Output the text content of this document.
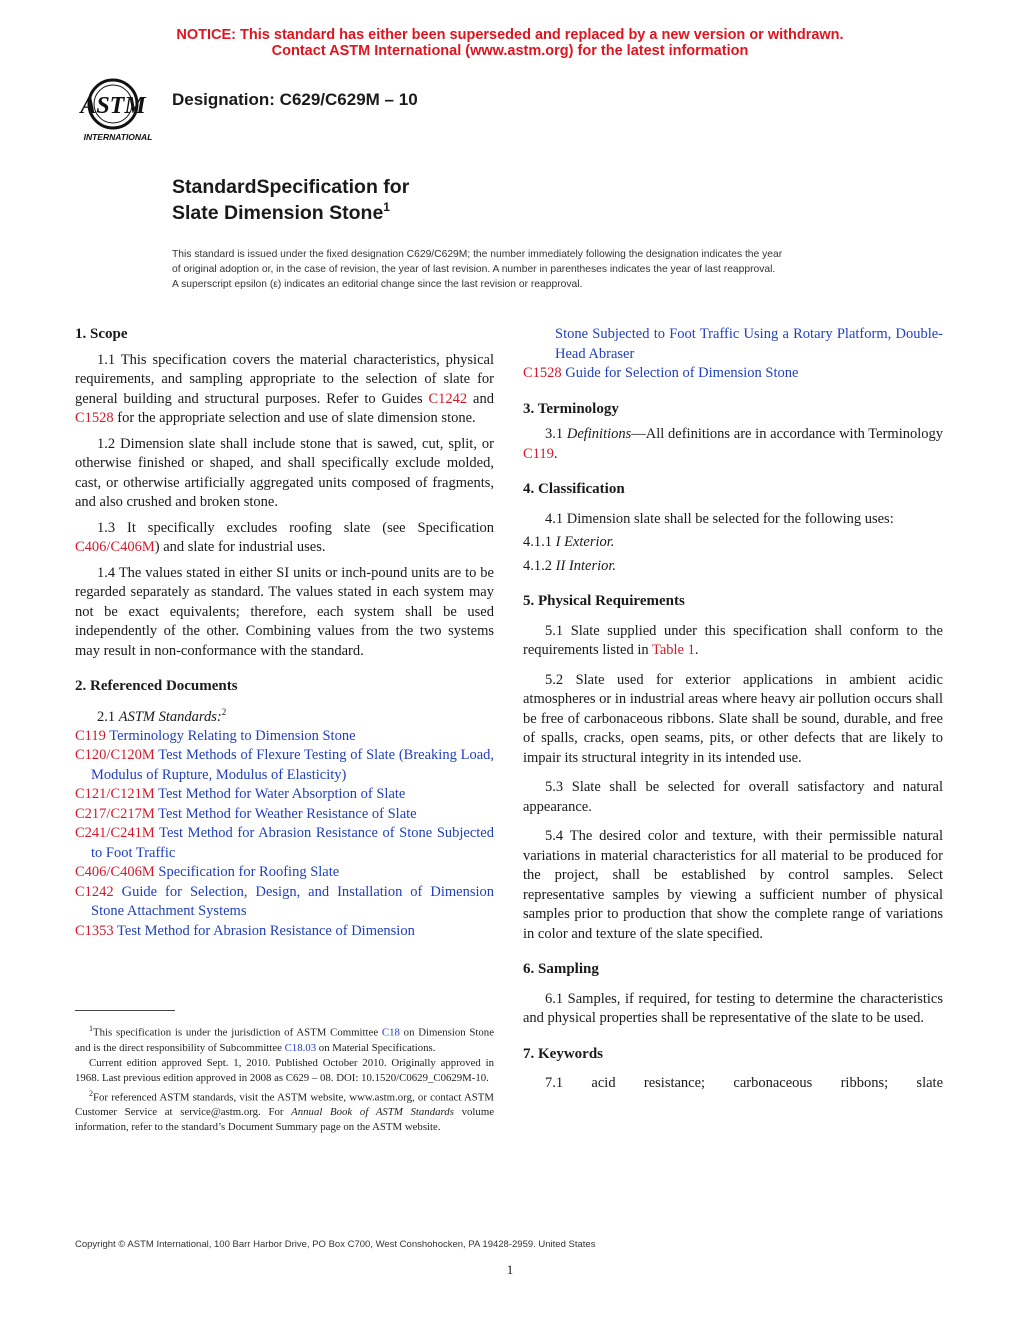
NOTICE: This standard has either been superseded and replaced by a new version or withdrawn.
Contact ASTM International (www.astm.org) for the latest information
ASTM
INTERNATIONAL
Designation: C629/C629M – 10
StandardSpecification for
Slate Dimension Stone$^1$
This standard is issued under the fixed designation C629/C629M; the number immediately following the designation indicates the year
of original adoption or, in the case of revision, the year of last revision. A number in parentheses indicates the year of last reapproval.
A superscript epsilon (ε) indicates an editorial change since the last revision or reapproval.

1. Scope

1.1 This specification covers the material characteristics, physical requirements, and sampling appropriate to the selection of slate for general building and structural purposes. Refer to Guides C1242 and C1528 for the appropriate selection and use of slate dimension stone.

1.2 Dimension slate shall include stone that is sawed, cut, split, or otherwise finished or shaped, and shall specifically exclude molded, cast, or otherwise artificially aggregated units composed of fragments, and also crushed and broken stone.

1.3 It specifically excludes roofing slate (see Specification C406/C406M) and slate for industrial uses.

1.4 The values stated in either SI units or inch-pound units are to be regarded separately as standard. The values stated in each system may not be exact equivalents; therefore, each system shall be used independently of the other. Combining values from the two systems may result in non-conformance with the standard.

2. Referenced Documents

2.1 ASTM Standards:$^2$

C119 Terminology Relating to Dimension Stone

C120/C120M Test Methods of Flexure Testing of Slate (Breaking Load, Modulus of Rupture, Modulus of Elasticity)

C121/C121M Test Method for Water Absorption of Slate

C217/C217M Test Method for Weather Resistance of Slate

C241/C241M Test Method for Abrasion Resistance of Stone Subjected to Foot Traffic

C406/C406M Specification for Roofing Slate

C1242 Guide for Selection, Design, and Installation of Dimension Stone Attachment Systems

C1353 Test Method for Abrasion Resistance of Dimension

Stone Subjected to Foot Traffic Using a Rotary Platform, Double-Head Abraser

C1528 Guide for Selection of Dimension Stone

3. Terminology

3.1 Definitions—All definitions are in accordance with Terminology C119.

4. Classification

4.1 Dimension slate shall be selected for the following uses:

4.1.1 I Exterior.

4.1.2 II Interior.

5. Physical Requirements

5.1 Slate supplied under this specification shall conform to the requirements listed in Table 1.

5.2 Slate used for exterior applications in ambient acidic atmospheres or in industrial areas where heavy air pollution occurs shall be free of carbonaceous ribbons. Slate shall be sound, durable, and free of spalls, cracks, open seams, pits, or other defects that are likely to impair its structural integrity in its intended use.

5.3 Slate shall be selected for overall satisfactory and natural appearance.

5.4 The desired color and texture, with their permissible natural variations in material characteristics for all material to be produced for the project, shall be established by control samples. Select representative samples by viewing a sufficient number of physical samples prior to production that show the complete range of variations in color and texture of the slate specified.

6. Sampling

6.1 Samples, if required, for testing to determine the characteristics and physical properties shall be representative of the slate to be used.

7. Keywords

7.1 acid resistance; carbonaceous ribbons; slate

$^1$This specification is under the jurisdiction of ASTM Committee C18 on Dimension Stone and is the direct responsibility of Subcommittee C18.03 on Material Specifications.

Current edition approved Sept. 1, 2010. Published October 2010. Originally approved in 1968. Last previous edition approved in 2008 as C629 – 08. DOI: 10.1520/C0629_C0629M-10.

$^2$For referenced ASTM standards, visit the ASTM website, www.astm.org, or contact ASTM Customer Service at service@astm.org. For Annual Book of ASTM Standards volume information, refer to the standard’s Document Summary page on the ASTM website.

Copyright © ASTM International, 100 Barr Harbor Drive, PO Box C700, West Conshohocken, PA 19428-2959. United States
1
